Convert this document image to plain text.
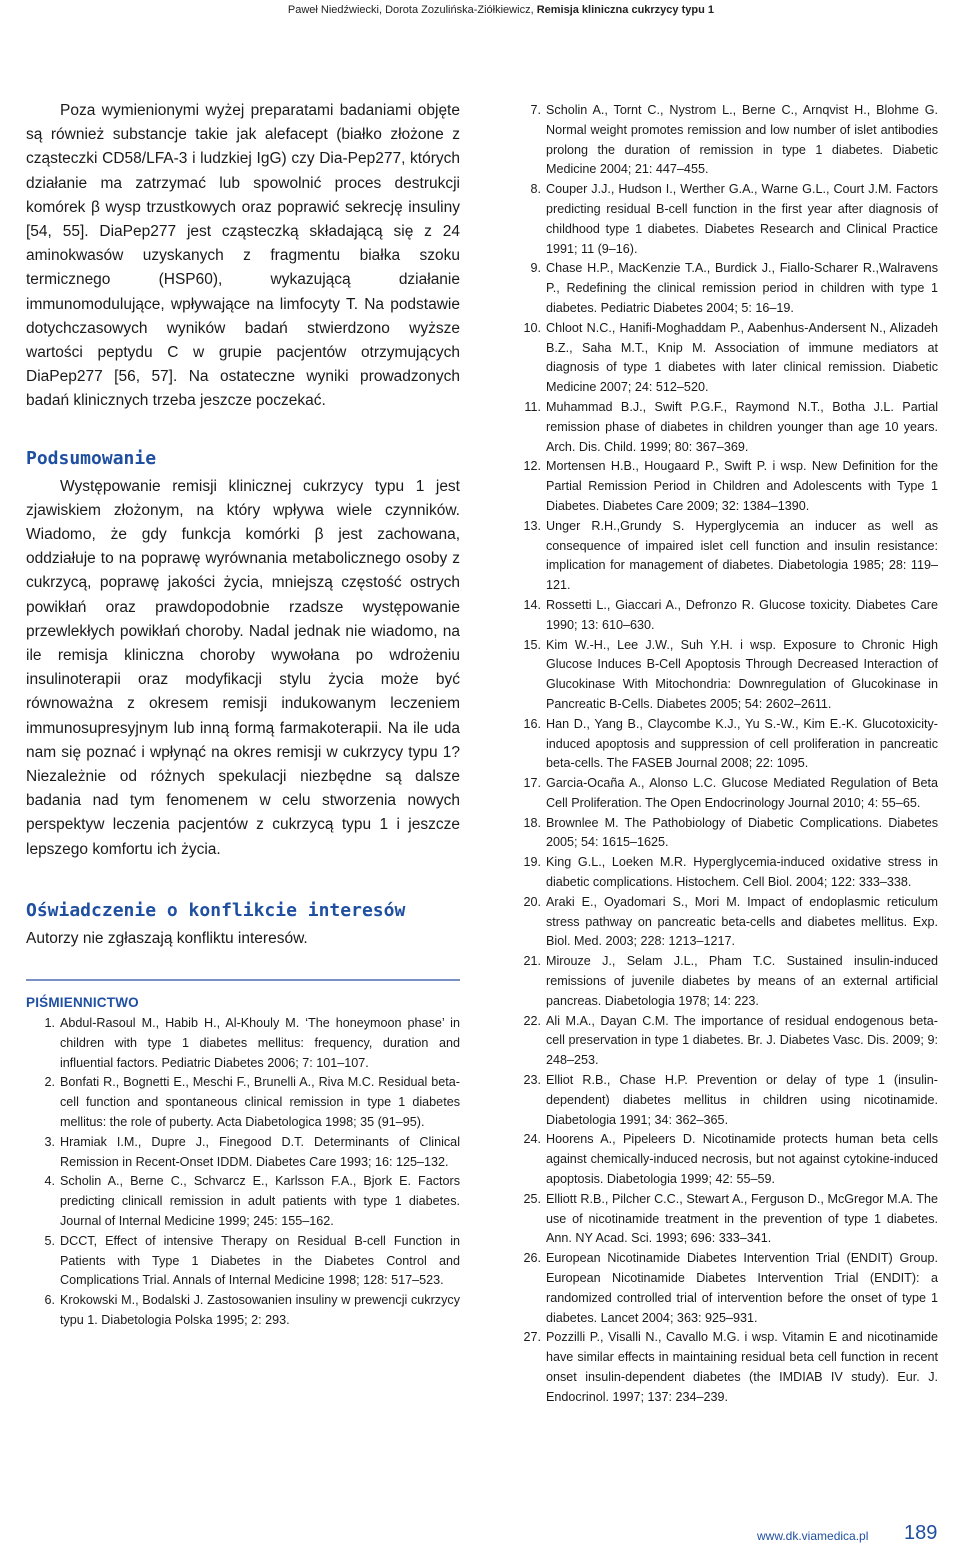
Paweł Niedźwiecki, Dorota Zozulińska-Ziółkiewicz, Remisja kliniczna cukrzycy typu 1

Poza wymienionymi wyżej preparatami badaniami objęte są również substancje takie jak alefacept (białko złożone z cząsteczki CD58/LFA-3 i ludzkiej IgG) czy Dia-Pep277, których działanie ma zatrzymać lub spowolnić proces destrukcji komórek β wysp trzustkowych oraz poprawić sekrecję insuliny [54, 55]. DiaPep277 jest cząsteczką składającą się z 24 aminokwasów uzyskanych z fragmentu białka szoku termicznego (HSP60), wykazującą działanie immunomodulujące, wpływające na limfocyty T. Na podstawie dotychczasowych wyników badań stwierdzono wyższe wartości peptydu C w grupie pacjentów otrzymujących DiaPep277 [56, 57]. Na ostateczne wyniki prowadzonych badań klinicznych trzeba jeszcze poczekać.

Podsumowanie

Występowanie remisji klinicznej cukrzycy typu 1 jest zjawiskiem złożonym, na który wpływa wiele czynników. Wiadomo, że gdy funkcja komórki β jest zachowana, oddziałuje to na poprawę wyrównania metabolicznego osoby z cukrzycą, poprawę jakości życia, mniejszą częstość ostrych powikłań oraz prawdopodobnie rzadsze występowanie przewlekłych powikłań choroby. Nadal jednak nie wiadomo, na ile remisja kliniczna choroby wywołana po wdrożeniu insulinoterapii oraz modyfikacji stylu życia może być równoważna z okresem remisji indukowanym leczeniem immunosupresyjnym lub inną formą farmakoterapii. Na ile uda nam się poznać i wpłynąć na okres remisji w cukrzycy typu 1? Niezależnie od różnych spekulacji niezbędne są dalsze badania nad tym fenomenem w celu stworzenia nowych perspektyw leczenia pacjentów z cukrzycą typu 1 i jeszcze lepszego komfortu ich życia.

Oświadczenie o konflikcie interesów

Autorzy nie zgłaszają konfliktu interesów.

PIŚMIENNICTWO
1. Abdul-Rasoul M., Habib H., Al-Khouly M. ‘The honeymoon phase’ in children with type 1 diabetes mellitus: frequency, duration and influential factors. Pediatric Diabetes 2006; 7: 101–107.
2. Bonfati R., Bognetti E., Meschi F., Brunelli A., Riva M.C. Residual beta-cell function and spontaneous clinical remission in type 1 diabetes mellitus: the role of puberty. Acta Diabetologica 1998; 35 (91–95).
3. Hramiak I.M., Dupre J., Finegood D.T. Determinants of Clinical Remission in Recent-Onset IDDM. Diabetes Care 1993; 16: 125–132.
4. Scholin A., Berne C., Schvarcz E., Karlsson F.A., Bjork E. Factors predicting clinicall remission in adult patients with type 1 diabetes. Journal of Internal Medicine 1999; 245: 155–162.
5. DCCT, Effect of intensive Therapy on Residual B-cell Function in Patients with Type 1 Diabetes in the Diabetes Control and Complications Trial. Annals of Internal Medicine 1998; 128: 517–523.
6. Krokowski M., Bodalski J. Zastosowanien insuliny w prewencji cukrzycy typu 1. Diabetologia Polska 1995; 2: 293.
7. Scholin A., Tornt C., Nystrom L., Berne C., Arnqvist H., Blohme G. Normal weight promotes remission and low number of islet antibodies prolong the duration of remission in type 1 diabetes. Diabetic Medicine 2004; 21: 447–455.
8. Couper J.J., Hudson I., Werther G.A., Warne G.L., Court J.M. Factors predicting residual B-cell function in the first year after diagnosis of childhood type 1 diabetes. Diabetes Research and Clinical Practice 1991; 11 (9–16).
9. Chase H.P., MacKenzie T.A., Burdick J., Fiallo-Scharer R.,Walravens P., Redefining the clinical remission period in children with type 1 diabetes. Pediatric Diabetes 2004; 5: 16–19.
10. Chloot N.C., Hanifi-Moghaddam P., Aabenhus-Andersent N., Alizadeh B.Z., Saha M.T., Knip M. Association of immune mediators at diagnosis of type 1 diabetes with later clinical remission. Diabetic Medicine 2007; 24: 512–520.
11. Muhammad B.J., Swift P.G.F., Raymond N.T., Botha J.L. Partial remission phase of diabetes in children younger than age 10 years. Arch. Dis. Child. 1999; 80: 367–369.
12. Mortensen H.B., Hougaard P., Swift P. i wsp. New Definition for the Partial Remission Period in Children and Adolescents with Type 1 Diabetes. Diabetes Care 2009; 32: 1384–1390.
13. Unger R.H.,Grundy S. Hyperglycemia an inducer as well as consequence of impaired islet cell function and insulin resistance: implication for management of diabetes. Diabetologia 1985; 28: 119–121.
14. Rossetti L., Giaccari A., Defronzo R. Glucose toxicity. Diabetes Care 1990; 13: 610–630.
15. Kim W.-H., Lee J.W., Suh Y.H. i wsp. Exposure to Chronic High Glucose Induces B-Cell Apoptosis Through Decreased Interaction of Glucokinase With Mitochondria: Downregulation of Glucokinase in Pancreatic B-Cells. Diabetes 2005; 54: 2602–2611.
16. Han D., Yang B., Claycombe K.J., Yu S.-W., Kim E.-K. Glucotoxicity-induced apoptosis and suppression of cell proliferation in pancreatic beta-cells. The FASEB Journal 2008; 22: 1095.
17. Garcia-Ocaña A., Alonso L.C. Glucose Mediated Regulation of Beta Cell Proliferation. The Open Endocrinology Journal 2010; 4: 55–65.
18. Brownlee M. The Pathobiology of Diabetic Complications. Diabetes 2005; 54: 1615–1625.
19. King G.L., Loeken M.R. Hyperglycemia-induced oxidative stress in diabetic complications. Histochem. Cell Biol. 2004; 122: 333–338.
20. Araki E., Oyadomari S., Mori M. Impact of endoplasmic reticulum stress pathway on pancreatic beta-cells and diabetes mellitus. Exp. Biol. Med. 2003; 228: 1213–1217.
21. Mirouze J., Selam J.L., Pham T.C. Sustained insulin-induced remissions of juvenile diabetes by means of an external artificial pancreas. Diabetologia 1978; 14: 223.
22. Ali M.A., Dayan C.M. The importance of residual endogenous beta-cell preservation in type 1 diabetes. Br. J. Diabetes Vasc. Dis. 2009; 9: 248–253.
23. Elliot R.B., Chase H.P. Prevention or delay of type 1 (insulin-dependent) diabetes mellitus in children using nicotinamide. Diabetologia 1991; 34: 362–365.
24. Hoorens A., Pipeleers D. Nicotinamide protects human beta cells against chemically-induced necrosis, but not against cytokine-induced apoptosis. Diabetologia 1999; 42: 55–59.
25. Elliott R.B., Pilcher C.C., Stewart A., Ferguson D., McGregor M.A. The use of nicotinamide treatment in the prevention of type 1 diabetes. Ann. NY Acad. Sci. 1993; 696: 333–341.
26. European Nicotinamide Diabetes Intervention Trial (ENDIT) Group. European Nicotinamide Diabetes Intervention Trial (ENDIT): a randomized controlled trial of intervention before the onset of type 1 diabetes. Lancet 2004; 363: 925–931.
27. Pozzilli P., Visalli N., Cavallo M.G. i wsp. Vitamin E and nicotinamide have similar effects in maintaining residual beta cell function in recent onset insulin-dependent diabetes (the IMDIAB IV study). Eur. J. Endocrinol. 1997; 137: 234–239.
www.dk.viamedica.pl 189
